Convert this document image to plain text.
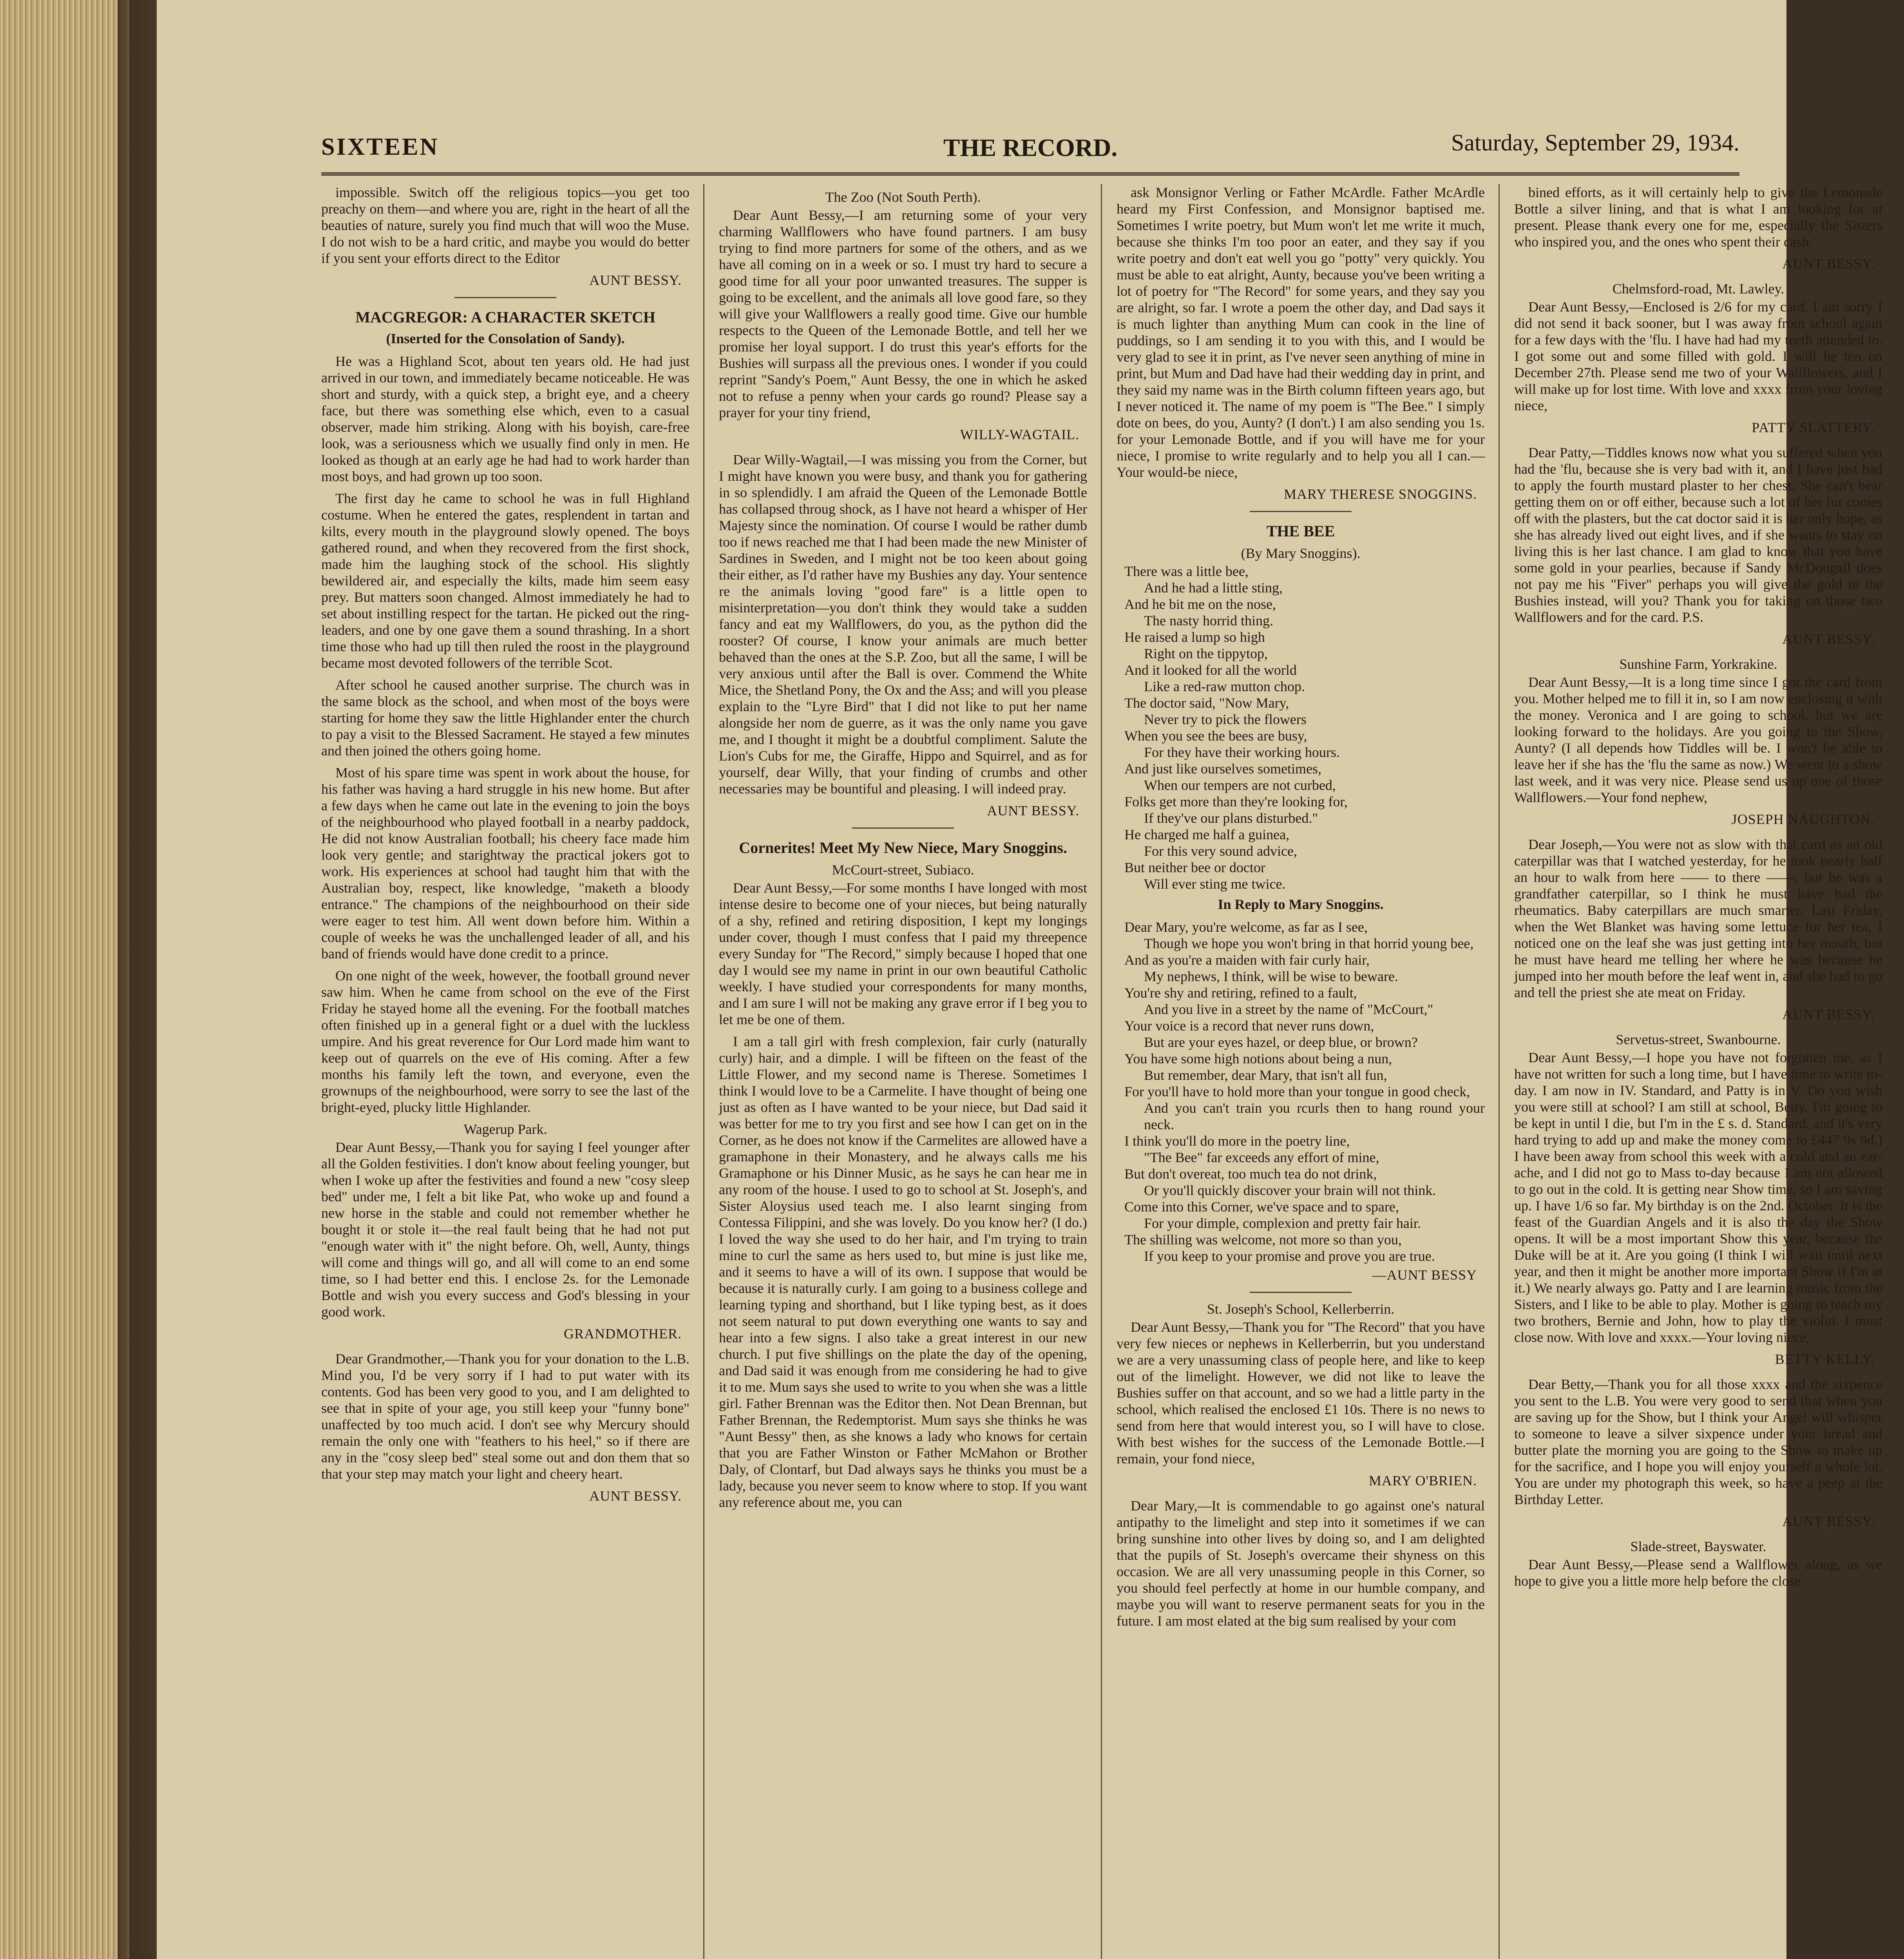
SIXTEEN	THE RECORD.	Saturday, September 29, 1934.

impossible. Switch off the religious topics—you get too preachy on them—and where you are, right in the heart of all the beauties of nature, surely you find much that will woo the Muse. I do not wish to be a hard critic, and maybe you would do better if you sent your efforts direct to the Editor

AUNT BESSY.

MACGREGOR: A CHARACTER SKETCH

(Inserted for the Consolation of Sandy).

He was a Highland Scot, about ten years old. He had just arrived in our town, and immediately became noticeable. He was short and sturdy, with a quick step, a bright eye, and a cheery face, but there was something else which, even to a casual observer, made him striking. Along with his boyish, care-free look, was a seriousness which we usually find only in men. He looked as though at an early age he had had to work harder than most boys, and had grown up too soon.

The first day he came to school he was in full Highland costume. When he entered the gates, resplendent in tartan and kilts, every mouth in the playground slowly opened. The boys gathered round, and when they recovered from the first shock, made him the laughing stock of the school. His slightly bewildered air, and especially the kilts, made him seem easy prey. But matters soon changed. Almost immediately he had to set about instilling respect for the tartan. He picked out the ring-leaders, and one by one gave them a sound thrashing. In a short time those who had up till then ruled the roost in the playground became most devoted followers of the terrible Scot.

After school he caused another surprise. The church was in the same block as the school, and when most of the boys were starting for home they saw the little Highlander enter the church to pay a visit to the Blessed Sacrament. He stayed a few minutes and then joined the others going home.

Most of his spare time was spent in work about the house, for his father was having a hard struggle in his new home. But after a few days when he came out late in the evening to join the boys of the neighbourhood who played football in a nearby paddock, He did not know Australian football; his cheery face made him look very gentle; and starightway the practical jokers got to work. His experiences at school had taught him that with the Australian boy, respect, like knowledge, "maketh a bloody entrance." The champions of the neighbourhood on their side were eager to test him. All went down before him. Within a couple of weeks he was the unchallenged leader of all, and his band of friends would have done credit to a prince.

On one night of the week, however, the football ground never saw him. When he came from school on the eve of the First Friday he stayed home all the evening. For the football matches often finished up in a general fight or a duel with the luckless umpire. And his great reverence for Our Lord made him want to keep out of quarrels on the eve of His coming. After a few months his family left the town, and everyone, even the grownups of the neighbourhood, were sorry to see the last of the bright-eyed, plucky little Highlander.

Wagerup Park.

Dear Aunt Bessy,—Thank you for saying I feel younger after all the Golden festivities. I don't know about feeling younger, but when I woke up after the festivities and found a new "cosy sleep bed" under me, I felt a bit like Pat, who woke up and found a new horse in the stable and could not remember whether he bought it or stole it—the real fault being that he had not put "enough water with it" the night before. Oh, well, Aunty, things will come and things will go, and all will come to an end some time, so I had better end this. I enclose 2s. for the Lemonade Bottle and wish you every success and God's blessing in your good work.

GRANDMOTHER.

Dear Grandmother,—Thank you for your donation to the L.B. Mind you, I'd be very sorry if I had to put water with its contents. God has been very good to you, and I am delighted to see that in spite of your age, you still keep your "funny bone" unaffected by too much acid. I don't see why Mercury should remain the only one with "feathers to his heel," so if there are any in the "cosy sleep bed" steal some out and don them that so that your step may match your light and cheery heart.

AUNT BESSY.

The Zoo (Not South Perth).

Dear Aunt Bessy,—I am returning some of your very charming Wallflowers who have found partners. I am busy trying to find more partners for some of the others, and as we have all coming on in a week or so. I must try hard to secure a good time for all your poor unwanted treasures. The supper is going to be excellent, and the animals all love good fare, so they will give your Wallflowers a really good time. Give our humble respects to the Queen of the Lemonade Bottle, and tell her we promise her loyal support. I do trust this year's efforts for the Bushies will surpass all the previous ones. I wonder if you could reprint "Sandy's Poem," Aunt Bessy, the one in which he asked not to refuse a penny when your cards go round? Please say a prayer for your tiny friend,

WILLY-WAGTAIL.

Dear Willy-Wagtail,—I was missing you from the Corner, but I might have known you were busy, and thank you for gathering in so splendidly. I am afraid the Queen of the Lemonade Bottle has collapsed throug shock, as I have not heard a whisper of Her Majesty since the nomination. Of course I would be rather dumb too if news reached me that I had been made the new Minister of Sardines in Sweden, and I might not be too keen about going their either, as I'd rather have my Bushies any day. Your sentence re the animals loving "good fare" is a little open to misinterpretation—you don't think they would take a sudden fancy and eat my Wallflowers, do you, as the python did the rooster? Of course, I know your animals are much better behaved than the ones at the S.P. Zoo, but all the same, I will be very anxious until after the Ball is over. Commend the White Mice, the Shetland Pony, the Ox and the Ass; and will you please explain to the "Lyre Bird" that I did not like to put her name alongside her nom de guerre, as it was the only name you gave me, and I thought it might be a doubtful compliment. Salute the Lion's Cubs for me, the Giraffe, Hippo and Squirrel, and as for yourself, dear Willy, that your finding of crumbs and other necessaries may be bountiful and pleasing. I will indeed pray.

AUNT BESSY.

Cornerites! Meet My New Niece, Mary Snoggins.

McCourt-street, Subiaco.

Dear Aunt Bessy,—For some months I have longed with most intense desire to become one of your nieces, but being naturally of a shy, refined and retiring disposition, I kept my longings under cover, though I must confess that I paid my threepence every Sunday for "The Record," simply because I hoped that one day I would see my name in print in our own beautiful Catholic weekly. I have studied your correspondents for many months, and I am sure I will not be making any grave error if I beg you to let me be one of them.

I am a tall girl with fresh complexion, fair curly (naturally curly) hair, and a dimple. I will be fifteen on the feast of the Little Flower, and my second name is Therese. Sometimes I think I would love to be a Carmelite. I have thought of being one just as often as I have wanted to be your niece, but Dad said it was better for me to try you first and see how I can get on in the Corner, as he does not know if the Carmelites are allowed have a gramaphone in their Monastery, and he always calls me his Gramaphone or his Dinner Music, as he says he can hear me in any room of the house. I used to go to school at St. Joseph's, and Sister Aloysius used teach me. I also learnt singing from Contessa Filippini, and she was lovely. Do you know her? (I do.) I loved the way she used to do her hair, and I'm trying to train mine to curl the same as hers used to, but mine is just like me, and it seems to have a will of its own. I suppose that would be because it is naturally curly. I am going to a business college and learning typing and shorthand, but I like typing best, as it does not seem natural to put down everything one wants to say and hear into a few signs. I also take a great interest in our new church. I put five shillings on the plate the day of the opening, and Dad said it was enough from me considering he had to give it to me. Mum says she used to write to you when she was a little girl. Father Brennan was the Editor then. Not Dean Brennan, but Father Brennan, the Redemptorist. Mum says she thinks he was "Aunt Bessy" then, as she knows a lady who knows for certain that you are Father Winston or Father McMahon or Brother Daly, of Clontarf, but Dad always says he thinks you must be a lady, because you never seem to know where to stop. If you want any reference about me, you can

ask Monsignor Verling or Father McArdle. Father McArdle heard my First Confession, and Monsignor baptised me. Sometimes I write poetry, but Mum won't let me write it much, because she thinks I'm too poor an eater, and they say if you write poetry and don't eat well you go "potty" very quickly. You must be able to eat alright, Aunty, because you've been writing a lot of poetry for "The Record" for some years, and they say you are alright, so far. I wrote a poem the other day, and Dad says it is much lighter than anything Mum can cook in the line of puddings, so I am sending it to you with this, and I would be very glad to see it in print, as I've never seen anything of mine in print, but Mum and Dad have had their wedding day in print, and they said my name was in the Birth column fifteen years ago, but I never noticed it. The name of my poem is "The Bee." I simply dote on bees, do you, Aunty? (I don't.) I am also sending you 1s. for your Lemonade Bottle, and if you will have me for your niece, I promise to write regularly and to help you all I can.—Your would-be niece,

MARY THERESE SNOGGINS.

THE BEE

(By Mary Snoggins).

There was a little bee,

And he had a little sting,

And he bit me on the nose,

The nasty horrid thing.

He raised a lump so high

Right on the tippytop,

And it looked for all the world

Like a red-raw mutton chop.

The doctor said, "Now Mary,

Never try to pick the flowers

When you see the bees are busy,

For they have their working hours.

And just like ourselves sometimes,

When our tempers are not curbed,

Folks get more than they're looking for,

If they've our plans disturbed."

He charged me half a guinea,

For this very sound advice,

But neither bee or doctor

Will ever sting me twice.

In Reply to Mary Snoggins.

Dear Mary, you're welcome, as far as I see,

Though we hope you won't bring in that horrid young bee,

And as you're a maiden with fair curly hair,

My nephews, I think, will be wise to beware.

You're shy and retiring, refined to a fault,

And you live in a street by the name of "McCourt,"

Your voice is a record that never runs down,

But are your eyes hazel, or deep blue, or brown?

You have some high notions about being a nun,

But remember, dear Mary, that isn't all fun,

For you'll have to hold more than your tongue in good check,

And you can't train you rcurls then to hang round your neck.

I think you'll do more in the poetry line,

"The Bee" far exceeds any effort of mine,

But don't overeat, too much tea do not drink,

Or you'll quickly discover your brain will not think.

Come into this Corner, we've space and to spare,

For your dimple, complexion and pretty fair hair.

The shilling was welcome, not more so than you,

If you keep to your promise and prove you are true.

—AUNT BESSY

St. Joseph's School, Kellerberrin.

Dear Aunt Bessy,—Thank you for "The Record" that you have very few nieces or nephews in Kellerberrin, but you understand we are a very unassuming class of people here, and like to keep out of the limelight. However, we did not like to leave the Bushies suffer on that account, and so we had a little party in the school, which realised the enclosed £1 10s. There is no news to send from here that would interest you, so I will have to close. With best wishes for the success of the Lemonade Bottle.—I remain, your fond niece,

MARY O'BRIEN.

Dear Mary,—It is commendable to go against one's natural antipathy to the limelight and step into it sometimes if we can bring sunshine into other lives by doing so, and I am delighted that the pupils of St. Joseph's overcame their shyness on this occasion. We are all very unassuming people in this Corner, so you should feel perfectly at home in our humble company, and maybe you will want to reserve permanent seats for you in the future. I am most elated at the big sum realised by your com

bined efforts, as it will certainly help to give the Lemonade Bottle a silver lining, and that is what I am looking for at present. Please thank every one for me, especially the Sisters who inspired you, and the ones who spent their cash.

AUNT BESSY.

Chelmsford-road, Mt. Lawley.

Dear Aunt Bessy,—Enclosed is 2/6 for my card. I am sorry I did not send it back sooner, but I was away from school again for a few days with the 'flu. I have had had my teeth attended to. I got some out and some filled with gold. I will be ten on December 27th. Please send me two of your Wallflowers, and I will make up for lost time. With love and xxxx from your loving niece,

PATTY SLATTERY.

Dear Patty,—Tiddles knows now what you suffered when you had the 'flu, because she is very bad with it, and I have just had to apply the fourth mustard plaster to her chest. She can't bear getting them on or off either, because such a lot of her fur comes off with the plasters, but the cat doctor said it is her only hope, as she has already lived out eight lives, and if she wants to stay on living this is her last chance. I am glad to know that you have some gold in your pearlies, because if Sandy McDougall does not pay me his "Fiver" perhaps you will give the gold to the Bushies instead, will you? Thank you for taking on those two Wallflowers and for the card. P.S.

AUNT BESSY.

Sunshine Farm, Yorkrakine.

Dear Aunt Bessy,—It is a long time since I got the card from you. Mother helped me to fill it in, so I am now enclosing it with the money. Veronica and I are going to school, but we are looking forward to the holidays. Are you going to the Show, Aunty? (I all depends how Tiddles will be. I won't be able to leave her if she has the 'flu the same as now.) We went to a show last week, and it was very nice. Please send us up one of those Wallflowers.—Your fond nephew,

JOSEPH NAUGHTON.

Dear Joseph,—You were not as slow with that card as an old caterpillar was that I watched yesterday, for he took nearly half an hour to walk from here —— to there ——, but he was a grandfather caterpillar, so I think he must have had the rheumatics. Baby caterpillars are much smarter. Last Friday, when the Wet Blanket was having some lettuce for her tea, I noticed one on the leaf she was just getting into her mouth, but he must have heard me telling her where he was because he jumped into her mouth before the leaf went in, and she had to go and tell the priest she ate meat on Friday.

AUNT BESSY.

Servetus-street, Swanbourne.

Dear Aunt Bessy,—I hope you have not forgotten me, as I have not written for such a long time, but I have time to write to-day. I am now in IV. Standard, and Patty is in V. Do you wish you were still at school? I am still at school, Betty. I'm going to be kept in until I die, but I'm in the £ s. d. Standard, and it's very hard trying to add up and make the money come to £447 9s 9d.) I have been away from school this week with a cold and an ear-ache, and I did not go to Mass to-day because I am not allowed to go out in the cold. It is getting near Show time, so I am saving up. I have 1/6 so far. My birthday is on the 2nd. October. It is the feast of the Guardian Angels and it is also the day the Show opens. It will be a most important Show this year, because the Duke will be at it. Are you going (I think I will wait until next year, and then it might be another more important Show if I'm at it.) We nearly always go. Patty and I are learning music from the Sisters, and I like to be able to play. Mother is going to teach my two brothers, Bernie and John, how to play the violin. I must close now. With love and xxxx.—Your loving niece,

BETTY KELLY.

Dear Betty,—Thank you for all those xxxx and the sixpence you sent to the L.B. You were very good to send that when you are saving up for the Show, but I think your Angel will whisper to someone to leave a silver sixpence under your bread and butter plate the morning you are going to the Show to make up for the sacrifice, and I hope you will enjoy yourself a whole lot. You are under my photograph this week, so have a peep at the Birthday Letter.

AUNT BESSY.

Slade-street, Bayswater.

Dear Aunt Bessy,—Please send a Wallflower along, as we hope to give you a little more help before the close
